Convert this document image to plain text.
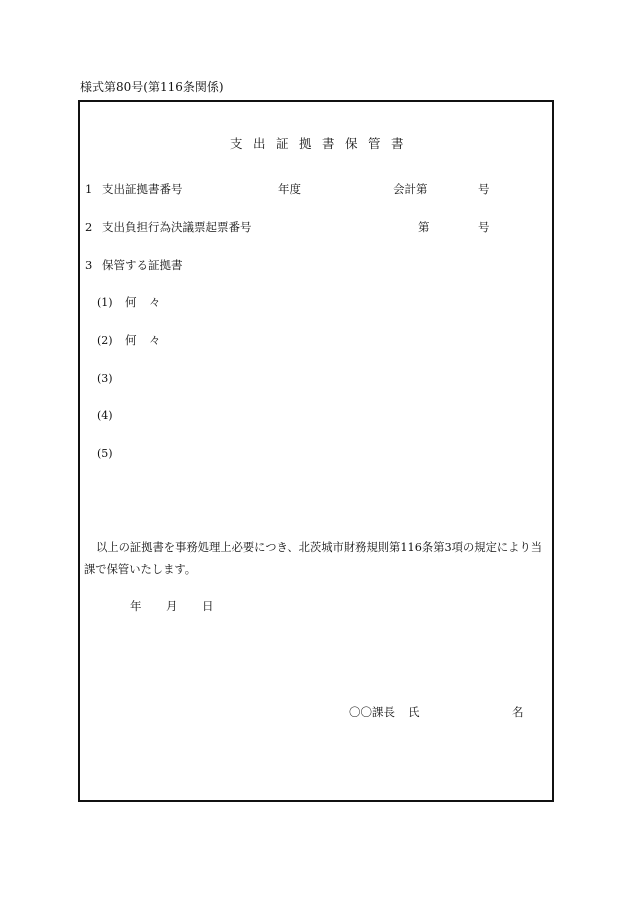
様式第80号(第116条関係)
支 出 証 拠 書 保 管 書
1 支出証拠書番号	年度	会計第	号
2 支出負担行為決議票起票番号	第	号
3 保管する証拠書
(1) 何 々
(2) 何 々
(3)
(4)
(5)
以上の証拠書を事務処理上必要につき、北茨城市財務規則第116条第3項の規定により当
課で保管いたします。
年 月 日
〇〇課長 氏	名
